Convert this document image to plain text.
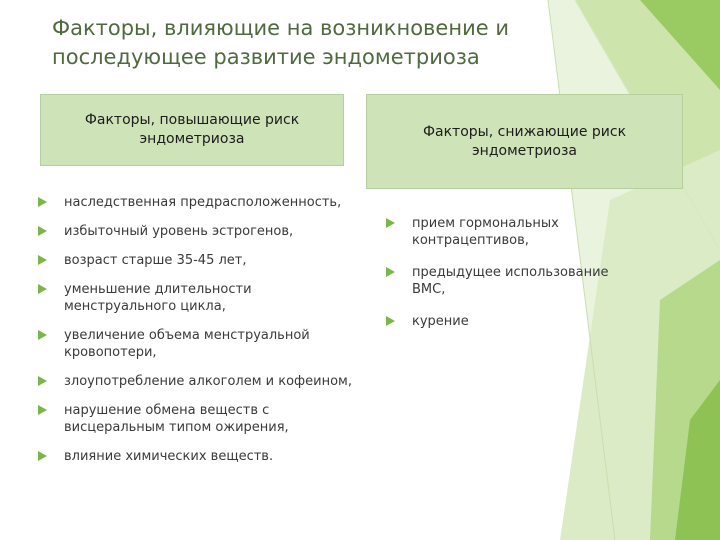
Факторы, влияющие на возникновение и последующее развитие эндометриоза
Факторы, повышающие риск эндометриоза	Факторы, снижающие риск эндометриоза
наследственная предрасположенность,
избыточный уровень эстрогенов,
возраст старше 35-45 лет,
уменьшение длительности менструального цикла,
увеличение объема менструальной кровопотери,
злоупотребление алкоголем и кофеином,
нарушение обмена веществ с висцеральным типом ожирения,
влияние химических веществ.
прием гормональных контрацептивов,
предыдущее использование ВМС,
курение
